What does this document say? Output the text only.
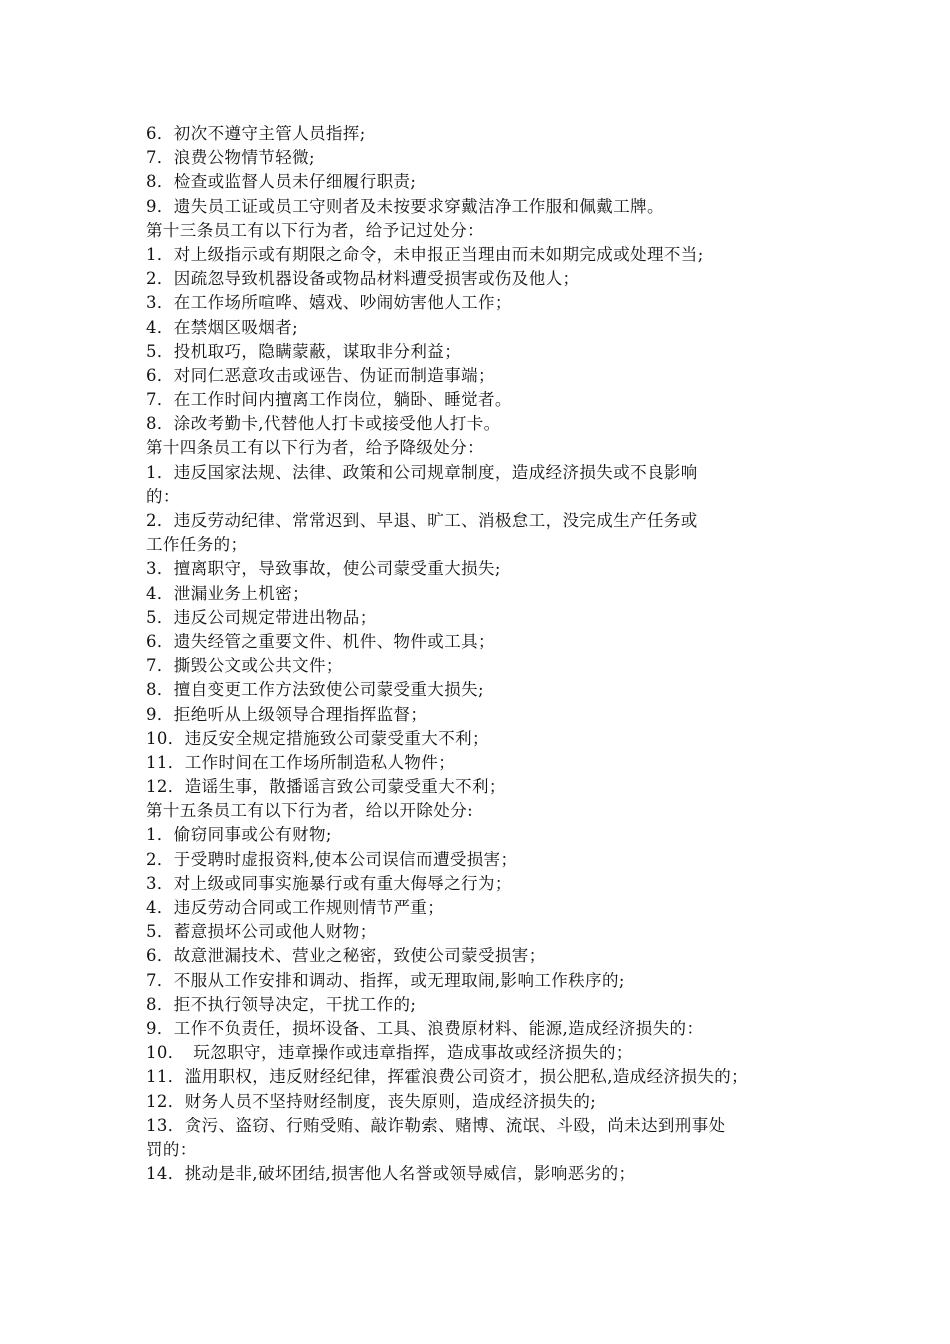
6．初次不遵守主管人员指挥;
7．浪费公物情节轻微;
8．检查或监督人员未仔细履行职责;
9．遗失员工证或员工守则者及未按要求穿戴洁净工作服和佩戴工牌。
第十三条员工有以下行为者，给予记过处分：
1．对上级指示或有期限之命令，未申报正当理由而未如期完成或处理不当;
2．因疏忽导致机器设备或物品材料遭受损害或伤及他人；
3．在工作场所喧哗、嬉戏、吵闹妨害他人工作；
4．在禁烟区吸烟者;
5．投机取巧，隐瞒蒙蔽，谋取非分利益；
6．对同仁恶意攻击或诬告、伪证而制造事端；
7．在工作时间内擅离工作岗位，躺卧、睡觉者。
8．涂改考勤卡,代替他人打卡或接受他人打卡。
第十四条员工有以下行为者，给予降级处分：
1．违反国家法规、法律、政策和公司规章制度，造成经济损失或不良影响
的：
2．违反劳动纪律、常常迟到、早退、旷工、消极怠工，没完成生产任务或
工作任务的；
3．擅离职守，导致事故，使公司蒙受重大损失;
4．泄漏业务上机密；
5．违反公司规定带进出物品；
6．遗失经管之重要文件、机件、物件或工具；
7．撕毁公文或公共文件；
8．擅自变更工作方法致使公司蒙受重大损失;
9．拒绝听从上级领导合理指挥监督；
10．违反安全规定措施致公司蒙受重大不利；
11．工作时间在工作场所制造私人物件；
12．造谣生事，散播谣言致公司蒙受重大不利；
第十五条员工有以下行为者，给以开除处分:
1．偷窃同事或公有财物;
2．于受聘时虚报资料,使本公司误信而遭受损害；
3．对上级或同事实施暴行或有重大侮辱之行为；
4．违反劳动合同或工作规则情节严重；
5．蓄意损坏公司或他人财物；
6．故意泄漏技术、营业之秘密，致使公司蒙受损害；
7．不服从工作安排和调动、指挥，或无理取闹,影响工作秩序的;
8．拒不执行领导决定，干扰工作的;
9．工作不负责任，损坏设备、工具、浪费原材料、能源,造成经济损失的：
10．　玩忽职守，违章操作或违章指挥，造成事故或经济损失的；
11．滥用职权，违反财经纪律，挥霍浪费公司资才，损公肥私,造成经济损失的；
12．财务人员不坚持财经制度，丧失原则，造成经济损失的;
13．贪污、盗窃、行贿受贿、敲诈勒索、赌博、流氓、斗殴，尚未达到刑事处
罚的：
14．挑动是非,破坏团结,损害他人名誉或领导威信，影响恶劣的；
